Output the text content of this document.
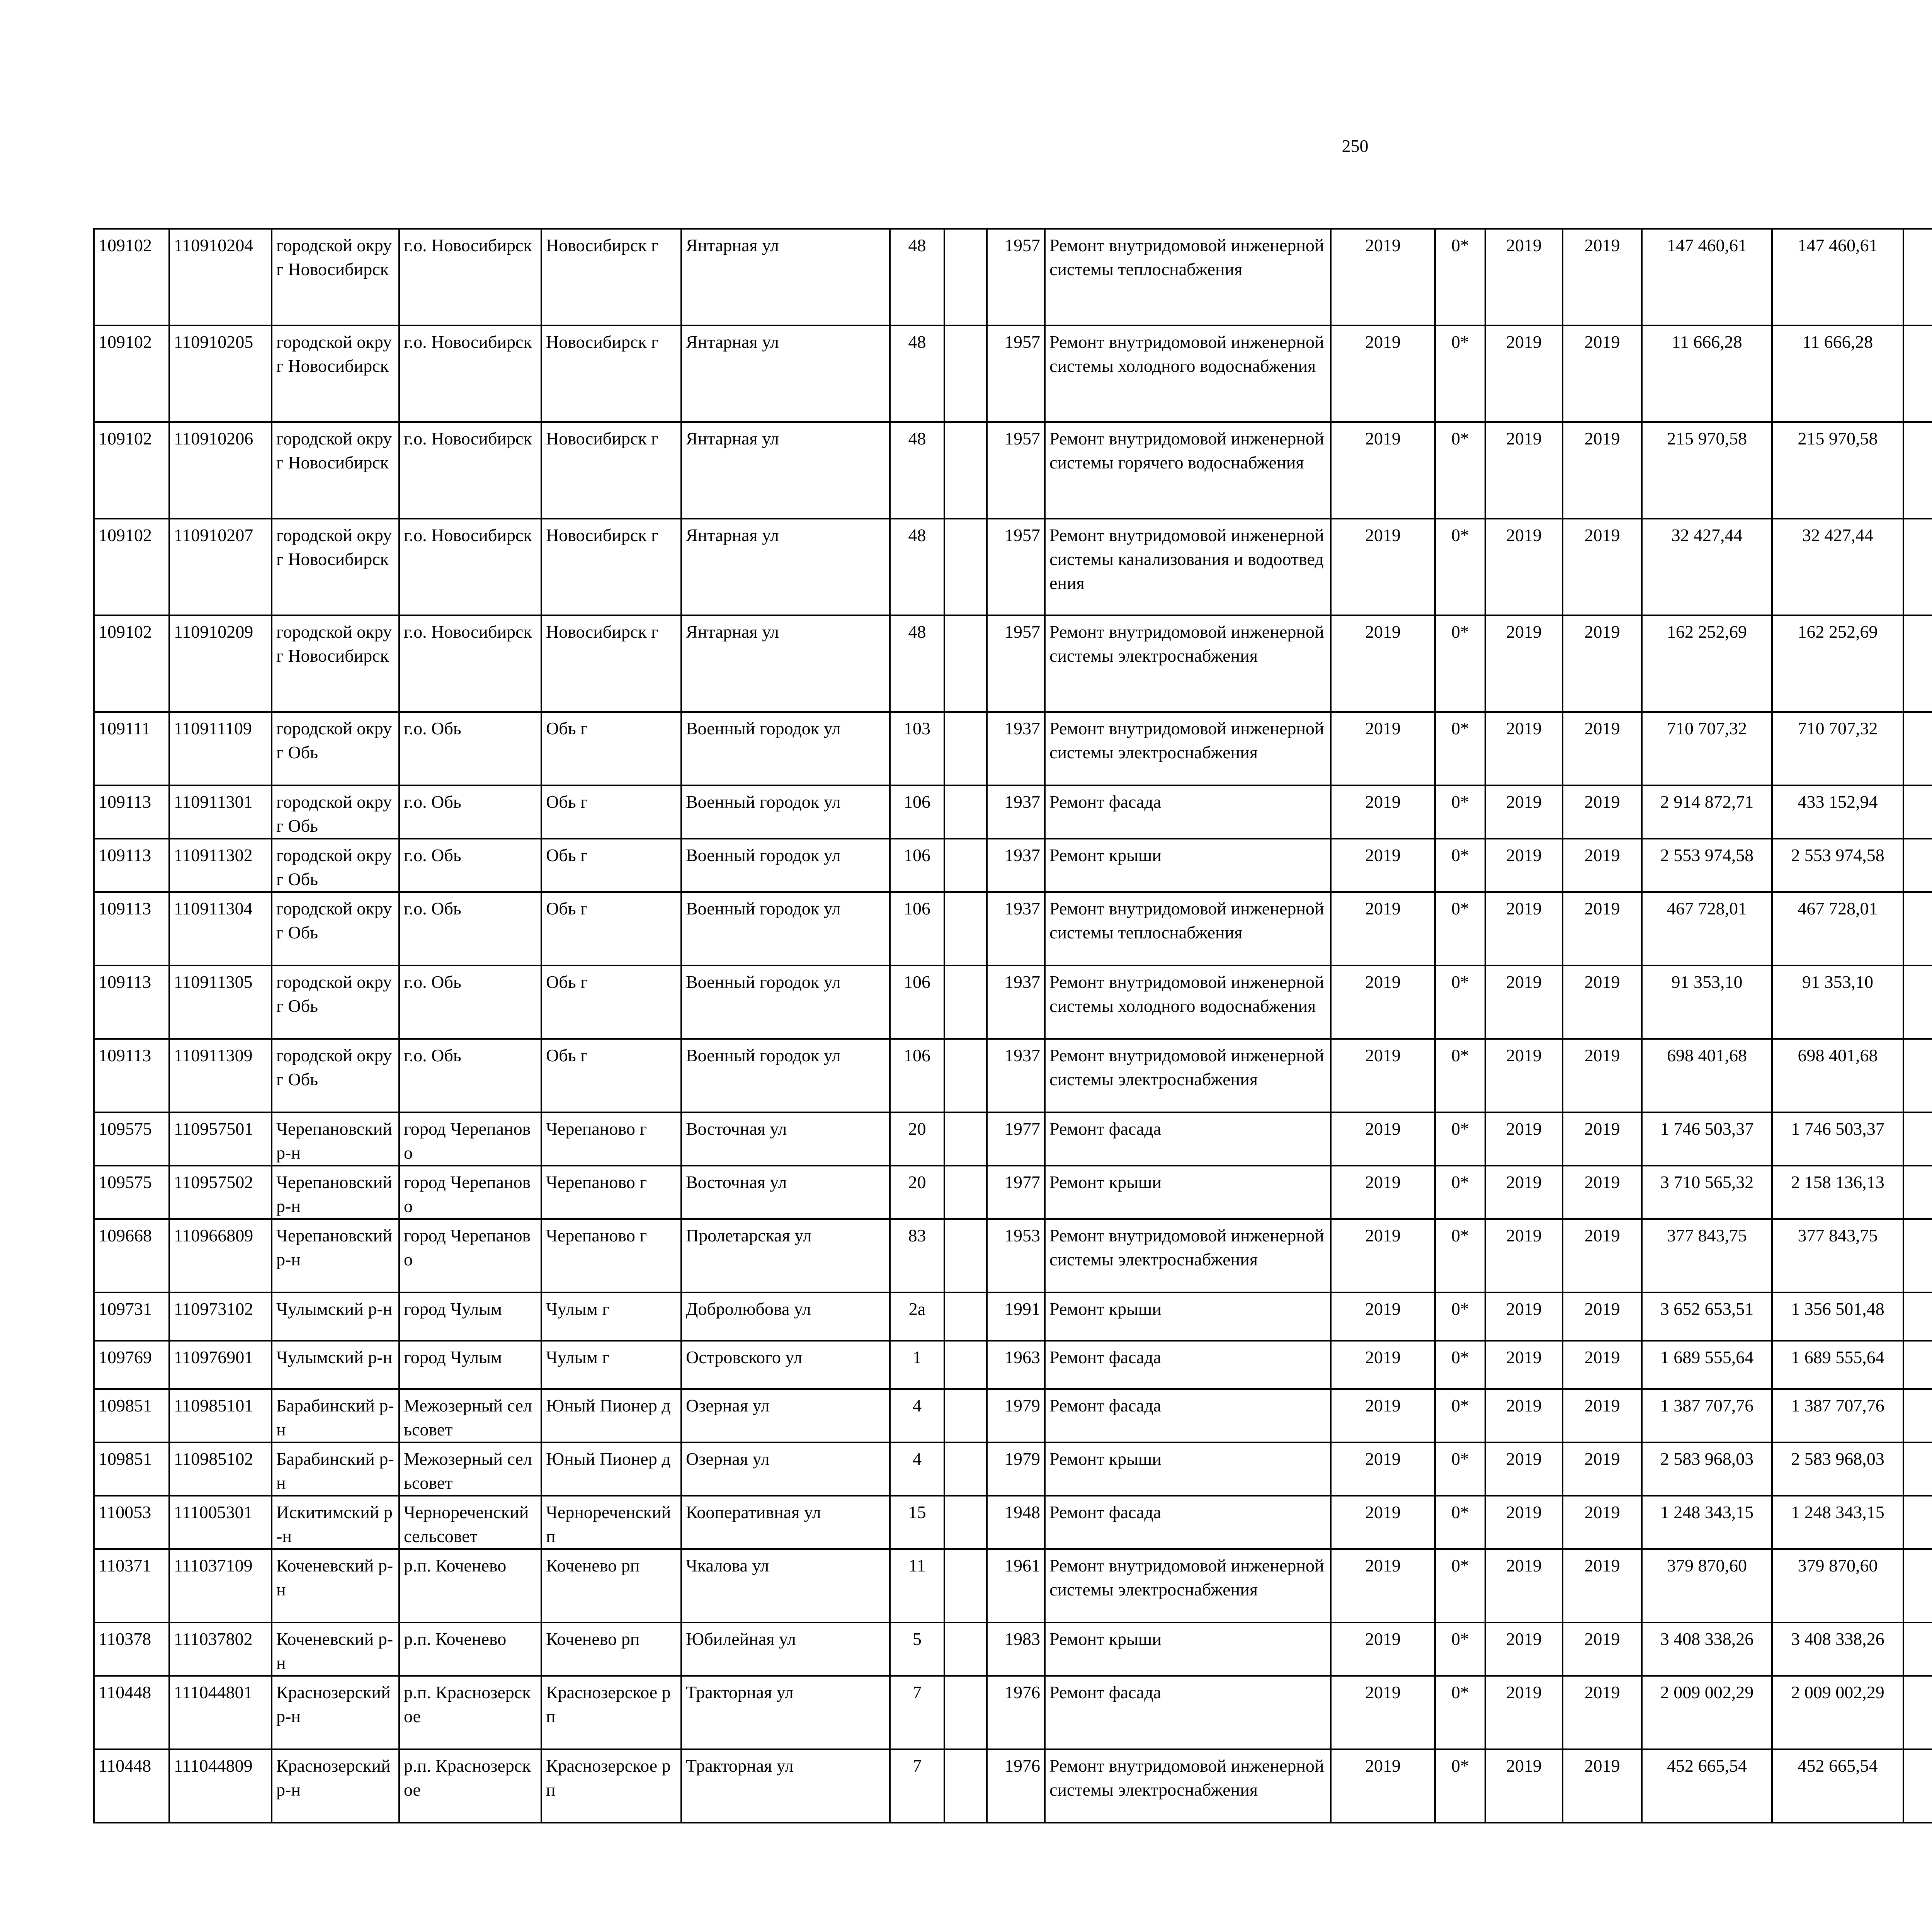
250
109102	110910204	городской округ Новосибирск	г.о. Новосибирск	Новосибирск г	Янтарная ул	48		1957	Ремонт внутридомовой инженерной системы теплоснабжения	2019	0*	2019	2019	147 460,61	147 460,61						
109102	110910205	городской округ Новосибирск	г.о. Новосибирск	Новосибирск г	Янтарная ул	48		1957	Ремонт внутридомовой инженерной системы холодного водоснабжения	2019	0*	2019	2019	11 666,28	11 666,28						
109102	110910206	городской округ Новосибирск	г.о. Новосибирск	Новосибирск г	Янтарная ул	48		1957	Ремонт внутридомовой инженерной системы горячего водоснабжения	2019	0*	2019	2019	215 970,58	215 970,58						
109102	110910207	городской округ Новосибирск	г.о. Новосибирск	Новосибирск г	Янтарная ул	48		1957	Ремонт внутридомовой инженерной системы канализования и водоотведения	2019	0*	2019	2019	32 427,44	32 427,44						
109102	110910209	городской округ Новосибирск	г.о. Новосибирск	Новосибирск г	Янтарная ул	48		1957	Ремонт внутридомовой инженерной системы электроснабжения	2019	0*	2019	2019	162 252,69	162 252,69						
109111	110911109	городской округ Обь	г.о. Обь	Обь г	Военный городок ул	103		1937	Ремонт внутридомовой инженерной системы электроснабжения	2019	0*	2019	2019	710 707,32	710 707,32						
109113	110911301	городской округ Обь	г.о. Обь	Обь г	Военный городок ул	106		1937	Ремонт фасада	2019	0*	2019	2019	2 914 872,71	433 152,94						
109113	110911302	городской округ Обь	г.о. Обь	Обь г	Военный городок ул	106		1937	Ремонт крыши	2019	0*	2019	2019	2 553 974,58	2 553 974,58						
109113	110911304	городской округ Обь	г.о. Обь	Обь г	Военный городок ул	106		1937	Ремонт внутридомовой инженерной системы теплоснабжения	2019	0*	2019	2019	467 728,01	467 728,01						
109113	110911305	городской округ Обь	г.о. Обь	Обь г	Военный городок ул	106		1937	Ремонт внутридомовой инженерной системы холодного водоснабжения	2019	0*	2019	2019	91 353,10	91 353,10						
109113	110911309	городской округ Обь	г.о. Обь	Обь г	Военный городок ул	106		1937	Ремонт внутридомовой инженерной системы электроснабжения	2019	0*	2019	2019	698 401,68	698 401,68						
109575	110957501	Черепановский р-н	город Черепаново	Черепаново г	Восточная ул	20		1977	Ремонт фасада	2019	0*	2019	2019	1 746 503,37	1 746 503,37						
109575	110957502	Черепановский р-н	город Черепаново	Черепаново г	Восточная ул	20		1977	Ремонт крыши	2019	0*	2019	2019	3 710 565,32	2 158 136,13						
109668	110966809	Черепановский р-н	город Черепаново	Черепаново г	Пролетарская ул	83		1953	Ремонт внутридомовой инженерной системы электроснабжения	2019	0*	2019	2019	377 843,75	377 843,75						
109731	110973102	Чулымский р-н	город Чулым	Чулым г	Добролюбова ул	2а		1991	Ремонт крыши	2019	0*	2019	2019	3 652 653,51	1 356 501,48						
109769	110976901	Чулымский р-н	город Чулым	Чулым г	Островского ул	1		1963	Ремонт фасада	2019	0*	2019	2019	1 689 555,64	1 689 555,64						
109851	110985101	Барабинский р-н	Межозерный сельсовет	Юный Пионер д	Озерная ул	4		1979	Ремонт фасада	2019	0*	2019	2019	1 387 707,76	1 387 707,76						
109851	110985102	Барабинский р-н	Межозерный сельсовет	Юный Пионер д	Озерная ул	4		1979	Ремонт крыши	2019	0*	2019	2019	2 583 968,03	2 583 968,03						
110053	111005301	Искитимский р-н	Чернореченский сельсовет	Чернореченский п	Кооперативная ул	15		1948	Ремонт фасада	2019	0*	2019	2019	1 248 343,15	1 248 343,15						
110371	111037109	Коченевский р-н	р.п. Коченево	Коченево рп	Чкалова ул	11		1961	Ремонт внутридомовой инженерной системы электроснабжения	2019	0*	2019	2019	379 870,60	379 870,60						
110378	111037802	Коченевский р-н	р.п. Коченево	Коченево рп	Юбилейная ул	5		1983	Ремонт крыши	2019	0*	2019	2019	3 408 338,26	3 408 338,26						
110448	111044801	Краснозерский р-н	р.п. Краснозерское	Краснозерское рп	Тракторная ул	7		1976	Ремонт фасада	2019	0*	2019	2019	2 009 002,29	2 009 002,29						
110448	111044809	Краснозерский р-н	р.п. Краснозерское	Краснозерское рп	Тракторная ул	7		1976	Ремонт внутридомовой инженерной системы электроснабжения	2019	0*	2019	2019	452 665,54	452 665,54						
